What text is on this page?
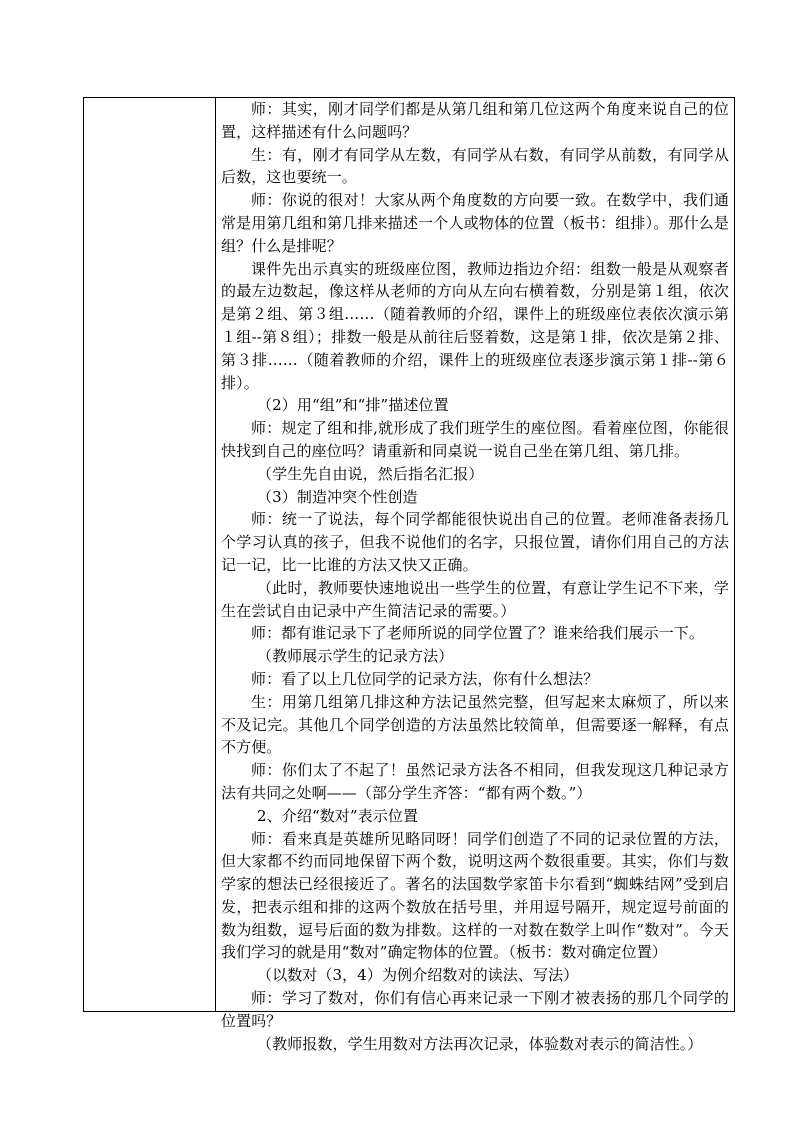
师：其实，刚才同学们都是从第几组和第几位这两个角度来说自己的位置，这样描述有什么问题吗？

生：有，刚才有同学从左数，有同学从右数，有同学从前数，有同学从后数，这也要统一。

师：你说的很对！大家从两个角度数的方向要一致。在数学中，我们通常是用第几组和第几排来描述一个人或物体的位置（板书：组排）。那什么是组？什么是排呢？

课件先出示真实的班级座位图，教师边指边介绍：组数一般是从观察者的最左边数起，像这样从老师的方向从左向右横着数，分别是第１组，依次是第２组、第３组……（随着教师的介绍，课件上的班级座位表依次演示第１组--第８组）；排数一般是从前往后竖着数，这是第１排，依次是第２排、第３排……（随着教师的介绍，课件上的班级座位表逐步演示第１排--第６排）。

（2）用“组”和“排”描述位置

师：规定了组和排,就形成了我们班学生的座位图。看着座位图，你能很快找到自己的座位吗？请重新和同桌说一说自己坐在第几组、第几排。

（学生先自由说，然后指名汇报）

（3）制造冲突个性创造

师：统一了说法，每个同学都能很快说出自己的位置。老师准备表扬几个学习认真的孩子，但我不说他们的名字，只报位置，请你们用自己的方法记一记，比一比谁的方法又快又正确。

（此时，教师要快速地说出一些学生的位置，有意让学生记不下来，学生在尝试自由记录中产生简洁记录的需要。）

师：都有谁记录下了老师所说的同学位置了？谁来给我们展示一下。

（教师展示学生的记录方法）

师：看了以上几位同学的记录方法，你有什么想法？

生：用第几组第几排这种方法记虽然完整，但写起来太麻烦了，所以来不及记完。其他几个同学创造的方法虽然比较简单，但需要逐一解释，有点不方便。

师：你们太了不起了！虽然记录方法各不相同，但我发现这几种记录方法有共同之处啊——（部分学生齐答：“都有两个数。”）

2、介绍“数对”表示位置

师：看来真是英雄所见略同呀！同学们创造了不同的记录位置的方法，但大家都不约而同地保留下两个数，说明这两个数很重要。其实，你们与数学家的想法已经很接近了。著名的法国数学家笛卡尔看到“蜘蛛结网”受到启发，把表示组和排的这两个数放在括号里，并用逗号隔开，规定逗号前面的数为组数，逗号后面的数为排数。这样的一对数在数学上叫作“数对”。今天我们学习的就是用“数对”确定物体的位置。（板书：数对确定位置）

（以数对（3，4）为例介绍数对的读法、写法）

师：学习了数对，你们有信心再来记录一下刚才被表扬的那几个同学的位置吗？

（教师报数，学生用数对方法再次记录，体验数对表示的简洁性。）
